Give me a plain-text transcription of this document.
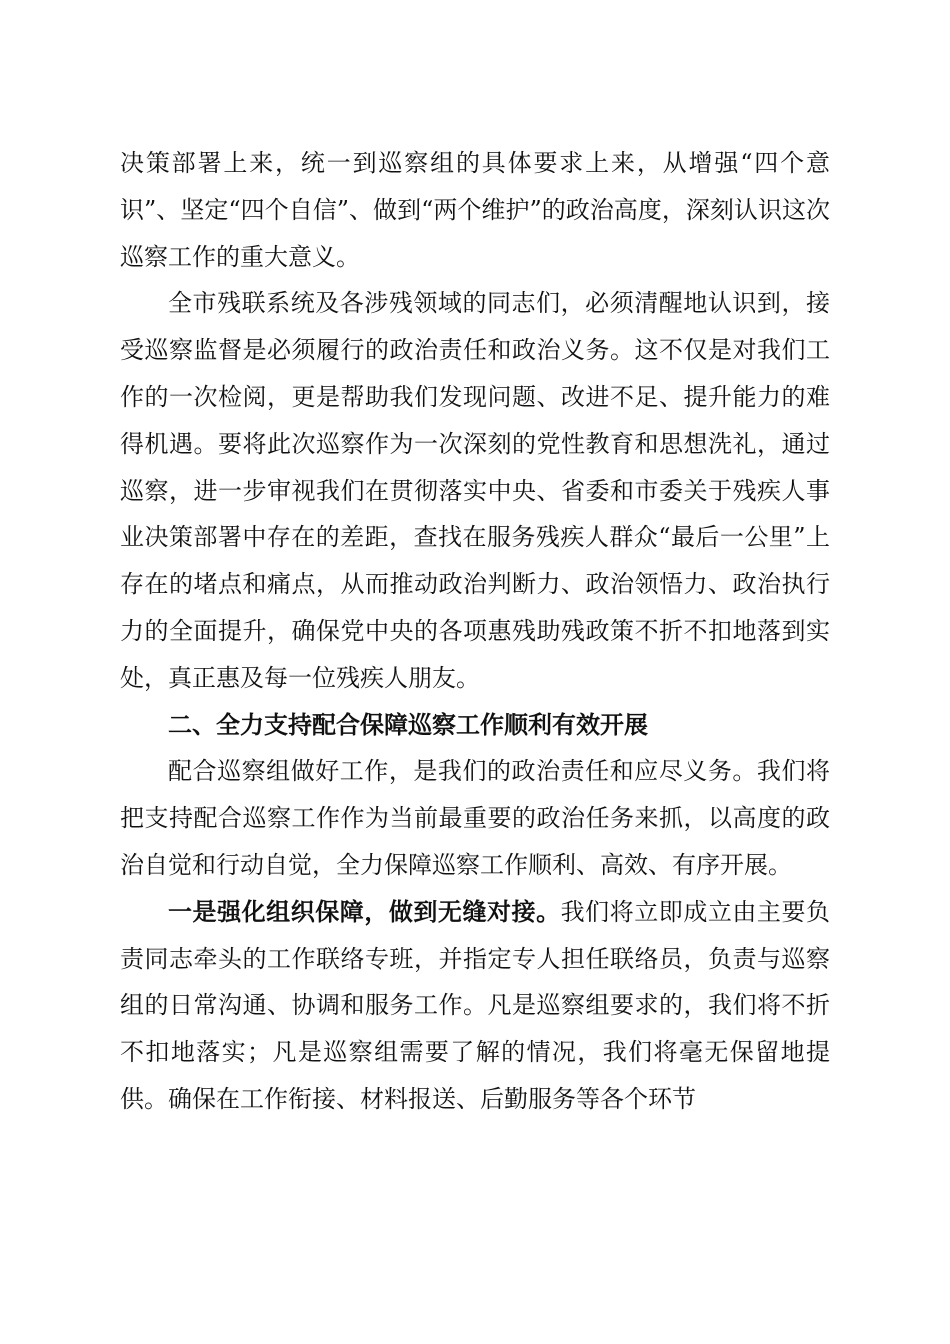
决策部署上来，统一到巡察组的具体要求上来，从增强“四个意识”、坚定“四个自信”、做到“两个维护”的政治高度，深刻认识这次巡察工作的重大意义。

全市残联系统及各涉残领域的同志们，必须清醒地认识到，接受巡察监督是必须履行的政治责任和政治义务。这不仅是对我们工作的一次检阅，更是帮助我们发现问题、改进不足、提升能力的难得机遇。要将此次巡察作为一次深刻的党性教育和思想洗礼，通过巡察，进一步审视我们在贯彻落实中央、省委和市委关于残疾人事业决策部署中存在的差距，查找在服务残疾人群众“最后一公里”上存在的堵点和痛点，从而推动政治判断力、政治领悟力、政治执行力的全面提升，确保党中央的各项惠残助残政策不折不扣地落到实处，真正惠及每一位残疾人朋友。

二、全力支持配合保障巡察工作顺利有效开展

配合巡察组做好工作，是我们的政治责任和应尽义务。我们将把支持配合巡察工作作为当前最重要的政治任务来抓，以高度的政治自觉和行动自觉，全力保障巡察工作顺利、高效、有序开展。

一是强化组织保障，做到无缝对接。我们将立即成立由主要负责同志牵头的工作联络专班，并指定专人担任联络员，负责与巡察组的日常沟通、协调和服务工作。凡是巡察组要求的，我们将不折不扣地落实；凡是巡察组需要了解的情况，我们将毫无保留地提供。确保在工作衔接、材料报送、后勤服务等各个环节
